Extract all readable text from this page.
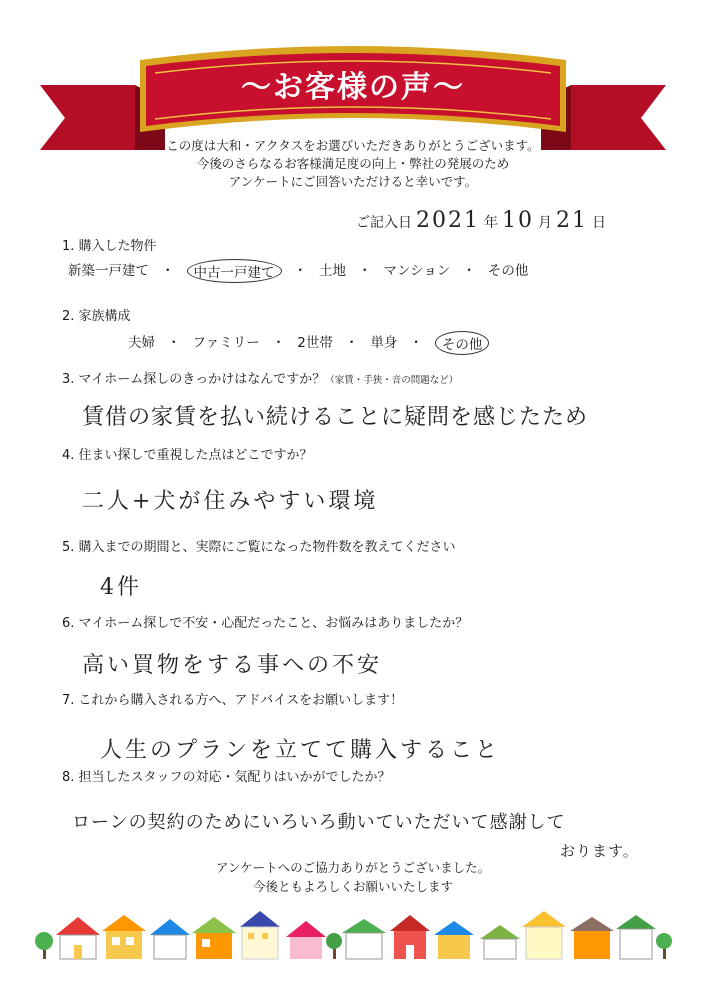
〜お客様の声〜
この度は大和・アクタスをお選びいただきありがとうございます。
今後のさらなるお客様満足度の向上・弊社の発展のため
アンケートにご回答いただけると幸いです。
ご記入日 2021 年 10 月 21 日
1. 購入した物件
新築一戸建て ・	中古一戸建て	・ 土地 ・ マンション ・ その他
2. 家族構成
夫婦 ・ ファミリー ・ 2世帯 ・ 単身 ・	その他
3. マイホーム探しのきっかけはなんですか？（家賃・手狭・音の問題など）
賃借の家賃を払い続けることに疑問を感じたため
4. 住まい探しで重視した点はどこですか？
二人+犬が住みやすい環境
5. 購入までの期間と、実際にご覧になった物件数を教えてください
4件
6. マイホーム探しで不安・心配だったこと、お悩みはありましたか？
高い買物をする事への不安
7. これから購入される方へ、アドバイスをお願いします！
人生のプランを立てて購入すること
8. 担当したスタッフの対応・気配りはいかがでしたか？
ローンの契約のためにいろいろ動いていただいて感謝して
おります。
アンケートへのご協力ありがとうございました。
今後ともよろしくお願いいたします
